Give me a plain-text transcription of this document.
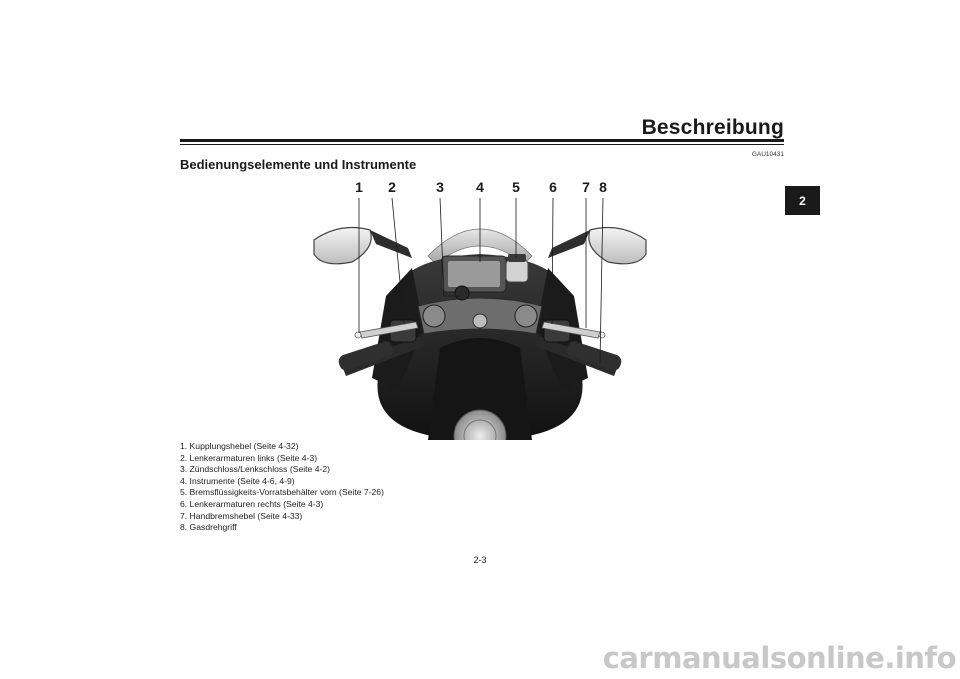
Beschreibung
GAU10431
Bedienungselemente und Instrumente
2
1 2	3 4 5 6 7 8
1. Kupplungshebel (Seite 4-32)
2. Lenkerarmaturen links (Seite 4-3)
3. Zündschloss/Lenkschloss (Seite 4-2)
4. Instrumente (Seite 4-6, 4-9)
5. Bremsflüssigkeits-Vorratsbehälter vorn (Seite 7-26)
6. Lenkerarmaturen rechts (Seite 4-3)
7. Handbremshebel (Seite 4-33)
8. Gasdrehgriff
2-3
carmanualsonline.info
